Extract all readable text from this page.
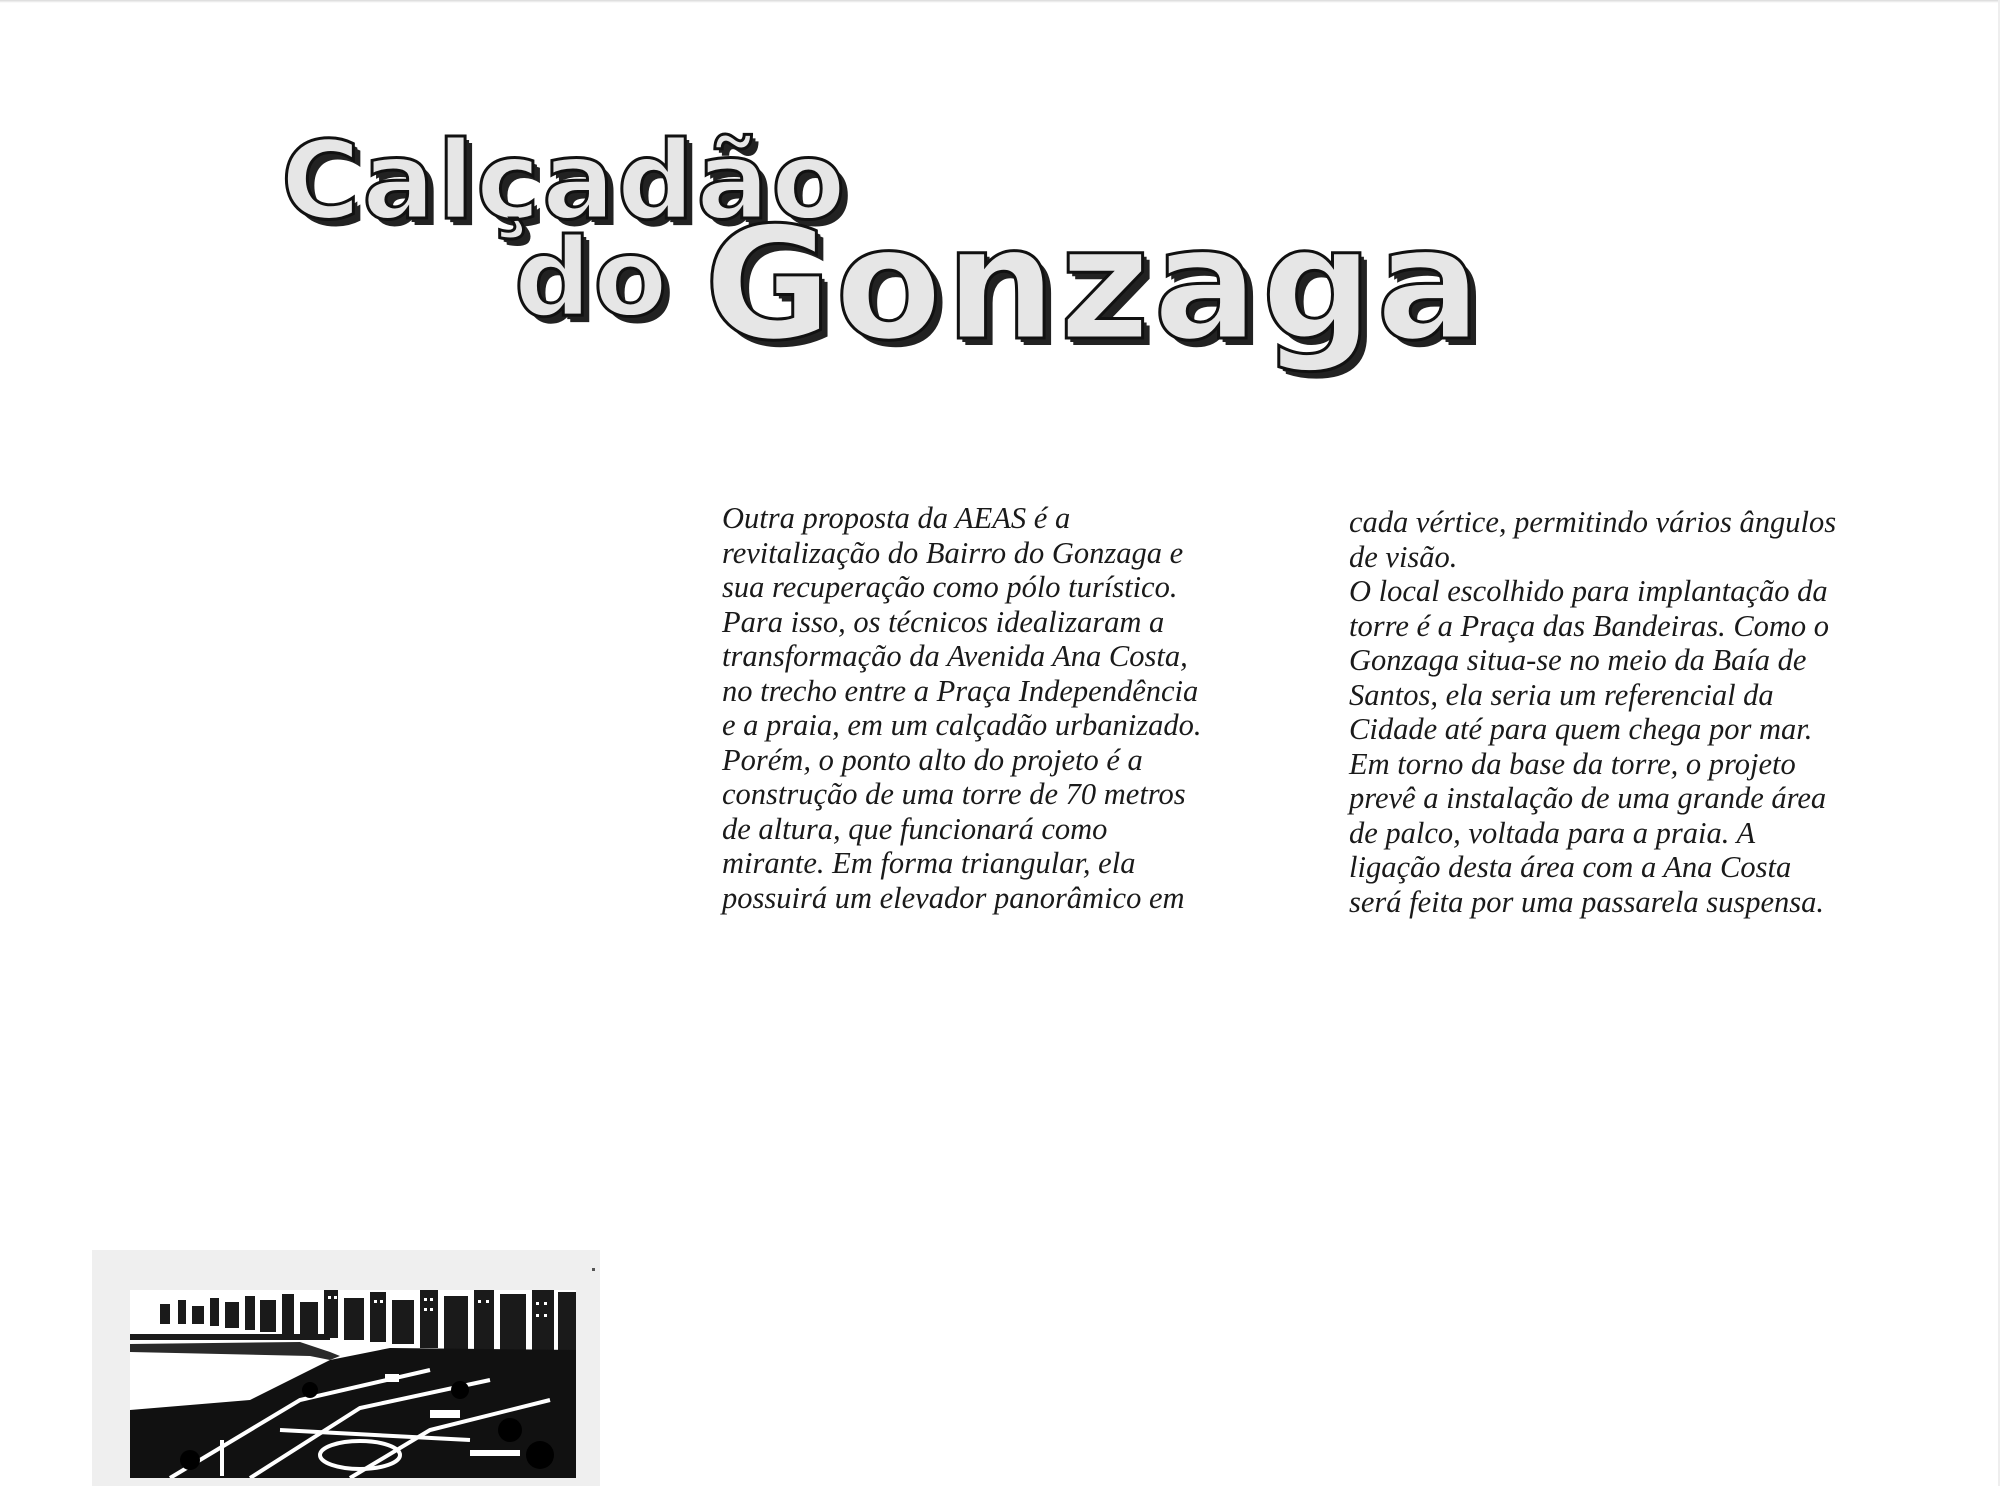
Calçadão
do Gonzaga

Outra proposta da AEAS é a
revitalização do Bairro do Gonzaga e
sua recuperação como pólo turístico.
Para isso, os técnicos idealizaram a
transformação da Avenida Ana Costa,
no trecho entre a Praça Independência
e a praia, em um calçadão urbanizado.
Porém, o ponto alto do projeto é a
construção de uma torre de 70 metros
de altura, que funcionará como
mirante. Em forma triangular, ela
possuirá um elevador panorâmico em

cada vértice, permitindo vários ângulos
de visão.
O local escolhido para implantação da
torre é a Praça das Bandeiras. Como o
Gonzaga situa-se no meio da Baía de
Santos, ela seria um referencial da
Cidade até para quem chega por mar.
Em torno da base da torre, o projeto
prevê a instalação de uma grande área
de palco, voltada para a praia. A
ligação desta área com a Ana Costa
será feita por uma passarela suspensa.
